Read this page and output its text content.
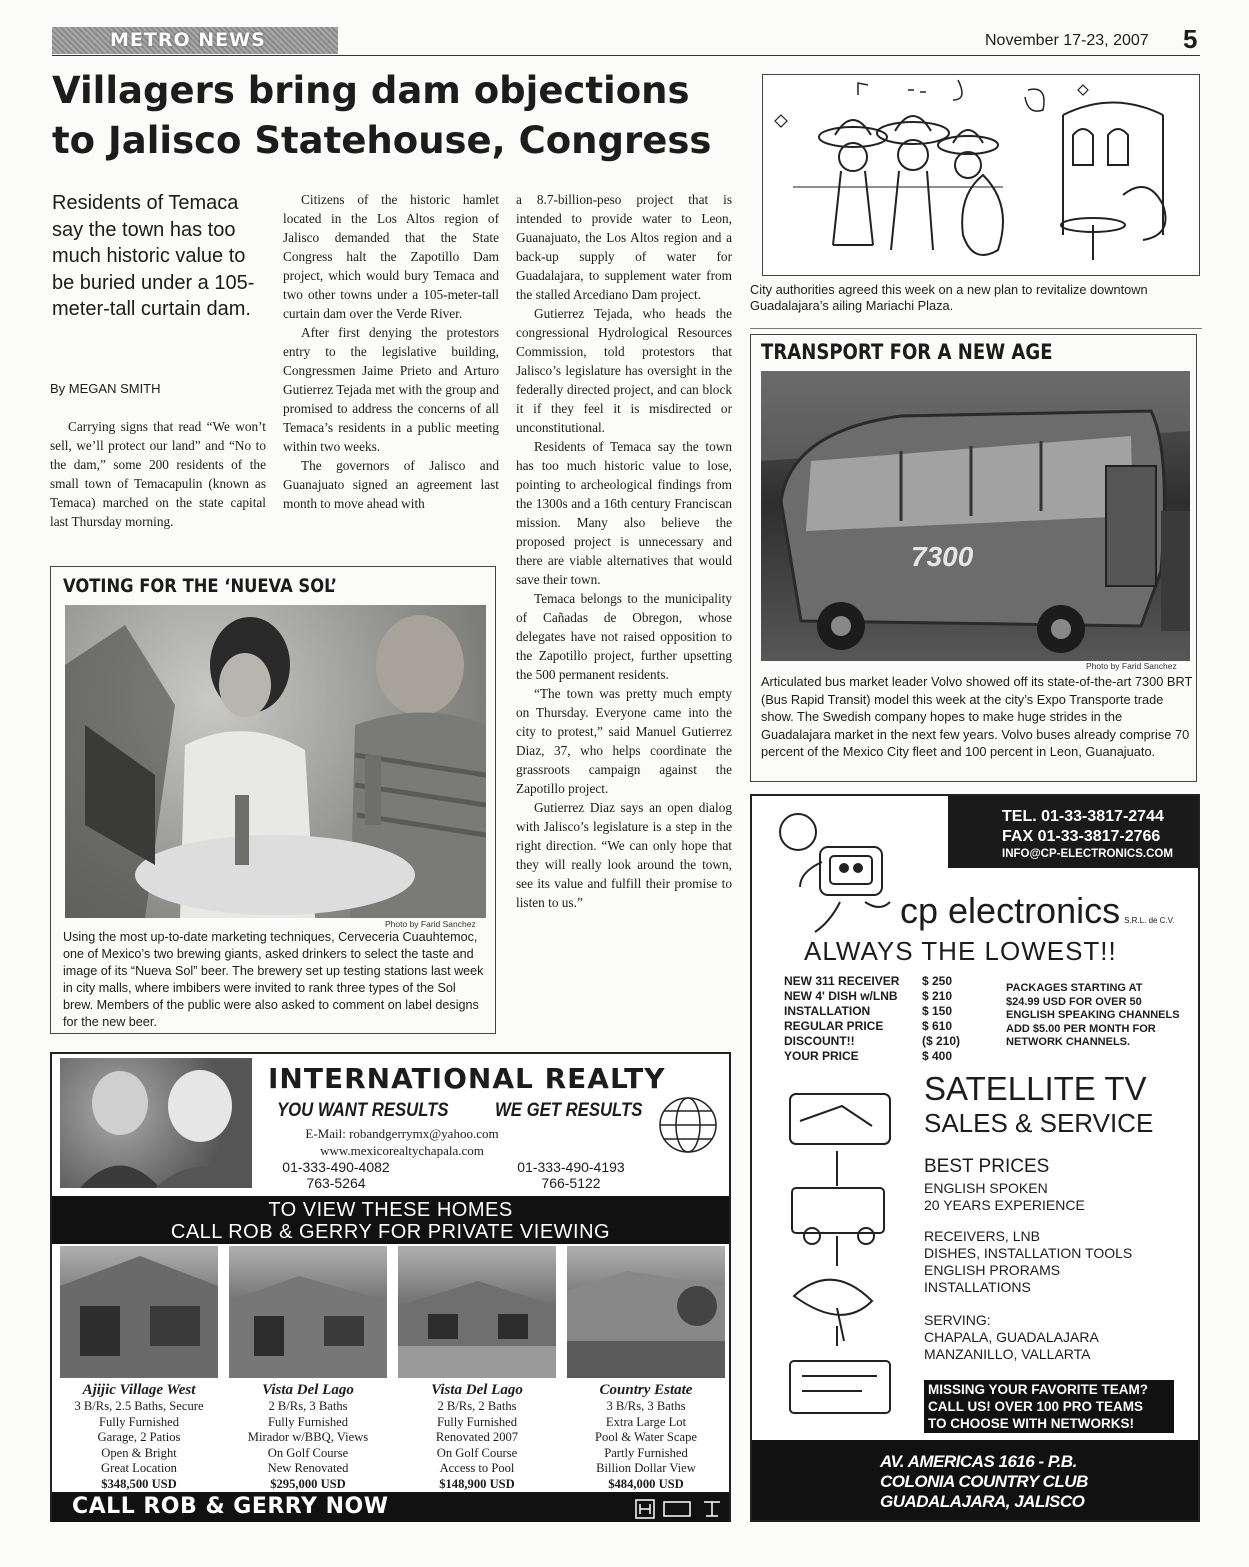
METRO NEWS	November 17-23, 2007 5
Villagers bring dam objections
to Jalisco Statehouse, Congress
Residents of Temaca say the town has too much historic value to be buried under a 105-meter-tall curtain dam.
By MEGAN SMITH

Carrying signs that read “We won’t sell, we’ll protect our land” and “No to the dam,” some 200 residents of the small town of Temacapulin (known as Temaca) marched on the state capital last Thursday morning.

Citizens of the historic hamlet located in the Los Altos region of Jalisco demanded that the State Congress halt the Zapotillo Dam project, which would bury Temaca and two other towns under a 105-meter-tall curtain dam over the Verde River.

After first denying the protestors entry to the legislative building, Congressmen Jaime Prieto and Arturo Gutierrez Tejada met with the group and promised to address the concerns of all Temaca’s residents in a public meeting within two weeks.

The governors of Jalisco and Guanajuato signed an agreement last month to move ahead with

a 8.7-billion-peso project that is intended to provide water to Leon, Guanajuato, the Los Altos region and a back-up supply of water for Guadalajara, to supplement water from the stalled Arcediano Dam project.

Gutierrez Tejada, who heads the congressional Hydrological Resources Commission, told protestors that Jalisco’s legislature has oversight in the federally directed project, and can block it if they feel it is misdirected or unconstitutional.

Residents of Temaca say the town has too much historic value to lose, pointing to archeological findings from the 1300s and a 16th century Franciscan mission. Many also believe the proposed project is unnecessary and there are viable alternatives that would save their town.

Temaca belongs to the municipality of Cañadas de Obregon, whose delegates have not raised opposition to the Zapotillo project, further upsetting the 500 permanent residents.

“The town was pretty much empty on Thursday. Everyone came into the city to protest,” said Manuel Gutierrez Diaz, 37, who helps coordinate the grassroots campaign against the Zapotillo project.

Gutierrez Diaz says an open dialog with Jalisco’s legislature is a step in the right direction. “We can only hope that they will really look around the town, see its value and fulfill their promise to listen to us.”

VOTING FOR THE ‘NUEVA SOL’
Photo by Farid Sanchez
Using the most up-to-date marketing techniques, Cerveceria Cuauhtemoc, one of Mexico’s two brewing giants, asked drinkers to select the taste and image of its “Nueva Sol” beer. The brewery set up testing stations last week in city malls, where imbibers were invited to rank three types of the Sol brew. Members of the public were also asked to comment on label designs for the new beer.
City authorities agreed this week on a new plan to revitalize downtown Guadalajara’s ailing Mariachi Plaza.
TRANSPORT FOR A NEW AGE
7300
Photo by Farid Sanchez
Articulated bus market leader Volvo showed off its state-of-the-art 7300 BRT (Bus Rapid Transit) model this week at the city’s Expo Transporte trade show. The Swedish company hopes to make huge strides in the Guadalajara market in the next few years. Volvo buses already comprise 70 percent of the Mexico City fleet and 100 percent in Leon, Guanajuato.
TEL. 01-33-3817-2744
FAX 01-33-3817-2766
INFO@CP-ELECTRONICS.COM
cp electronics S.R.L. de C.V.
ALWAYS THE LOWEST!!
NEW 311 RECEIVER	$ 250
NEW 4' DISH w/LNB	$ 210
INSTALLATION	$ 150
REGULAR PRICE	$ 610
DISCOUNT!!	($ 210)
YOUR PRICE	$ 400
PACKAGES STARTING AT
$24.99 USD FOR OVER 50
ENGLISH SPEAKING CHANNELS
ADD $5.00 PER MONTH FOR
NETWORK CHANNELS.
SATELLITE TV
SALES & SERVICE
BEST PRICES
ENGLISH SPOKEN
20 YEARS EXPERIENCE
RECEIVERS, LNB
DISHES, INSTALLATION TOOLS
ENGLISH PRORAMS
INSTALLATIONS
SERVING:
CHAPALA, GUADALAJARA
MANZANILLO, VALLARTA
MISSING YOUR FAVORITE TEAM?
CALL US! OVER 100 PRO TEAMS
TO CHOOSE WITH NETWORKS!
AV. AMERICAS 1616 - P.B.
COLONIA COUNTRY CLUB
GUADALAJARA, JALISCO
INTERNATIONAL REALTY
YOU WANT RESULTS WE GET RESULTS
E-Mail: robandgerrymx@yahoo.com
www.mexicorealtychapala.com
01-333-490-4082
763-5264
01-333-490-4193
766-5122
TO VIEW THESE HOMES
CALL ROB & GERRY FOR PRIVATE VIEWING
Ajijic Village West
3 B/Rs, 2.5 Baths, Secure
Fully Furnished
Garage, 2 Patios
Open & Bright
Great Location
$348,500 USD
Vista Del Lago
2 B/Rs, 3 Baths
Fully Furnished
Mirador w/BBQ, Views
On Golf Course
New Renovated
$295,000 USD
Vista Del Lago
2 B/Rs, 2 Baths
Fully Furnished
Renovated 2007
On Golf Course
Access to Pool
$148,900 USD
Country Estate
3 B/Rs, 3 Baths
Extra Large Lot
Pool & Water Scape
Partly Furnished
Billion Dollar View
$484,000 USD
CALL ROB & GERRY NOW
